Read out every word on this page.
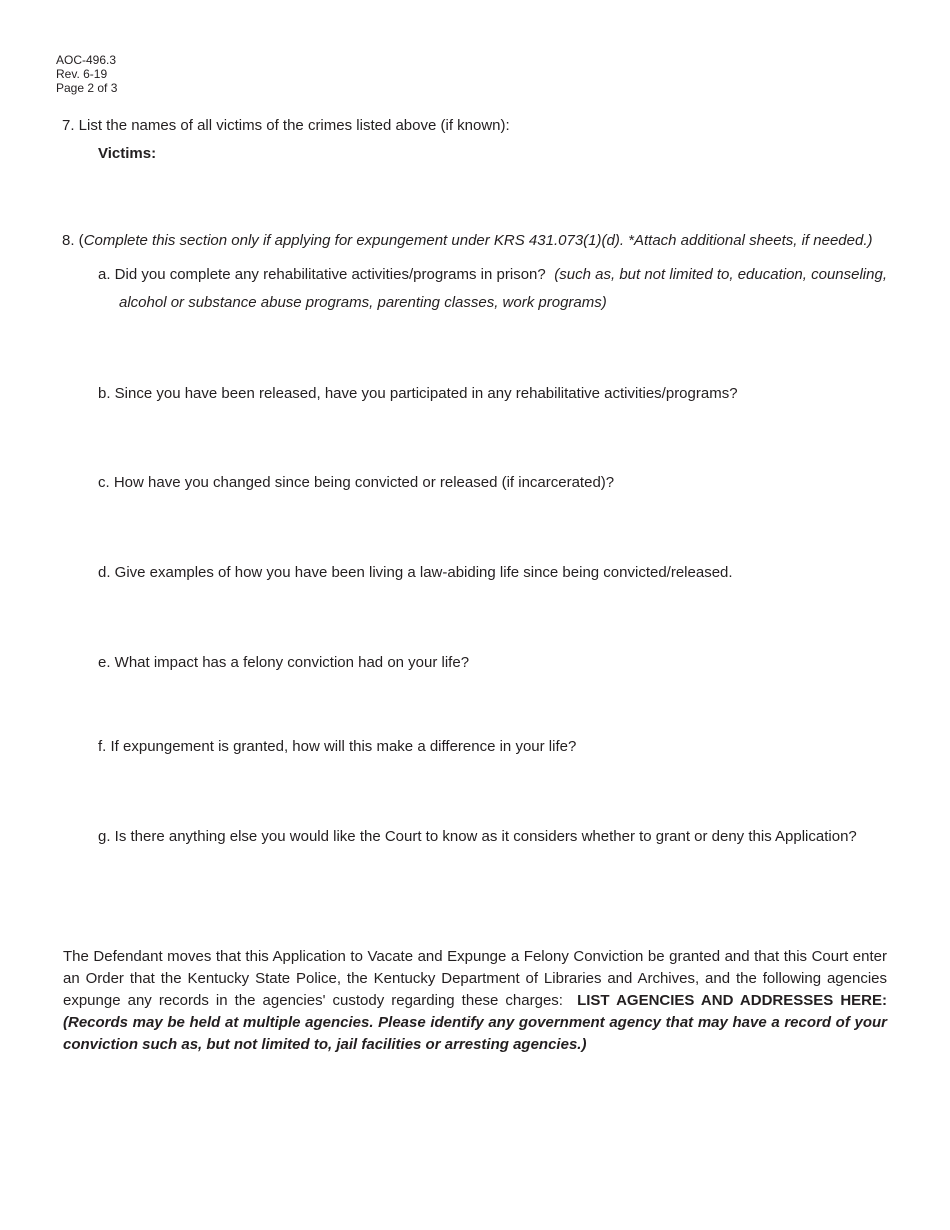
AOC-496.3
Rev. 6-19
Page 2 of 3
7. List the names of all victims of the crimes listed above (if known):
Victims:
8. (Complete this section only if applying for expungement under KRS 431.073(1)(d). *Attach additional sheets, if needed.)
a. Did you complete any rehabilitative activities/programs in prison? (such as, but not limited to, education, counseling,
alcohol or substance abuse programs, parenting classes, work programs)
b. Since you have been released, have you participated in any rehabilitative activities/programs?
c. How have you changed since being convicted or released (if incarcerated)?
d. Give examples of how you have been living a law-abiding life since being convicted/released.
e. What impact has a felony conviction had on your life?
f. If expungement is granted, how will this make a difference in your life?
g. Is there anything else you would like the Court to know as it considers whether to grant or deny this Application?
The Defendant moves that this Application to Vacate and Expunge a Felony Conviction be granted and that this Court enter an Order that the Kentucky State Police, the Kentucky Department of Libraries and Archives, and the following agencies expunge any records in the agencies' custody regarding these charges: LIST AGENCIES AND ADDRESSES HERE: (Records may be held at multiple agencies. Please identify any government agency that may have a record of your conviction such as, but not limited to, jail facilities or arresting agencies.)
